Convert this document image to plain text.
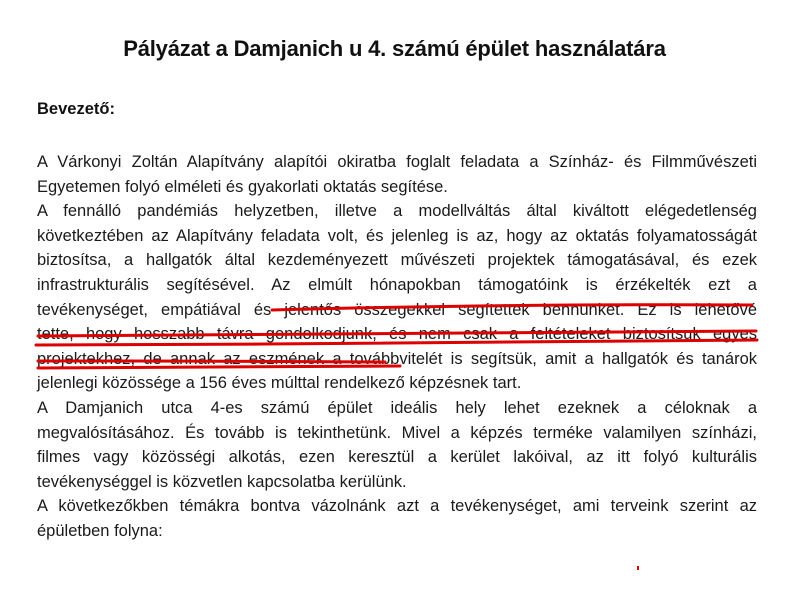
Pályázat a Damjanich u 4. számú épület használatára
Bevezető:
A Várkonyi Zoltán Alapítvány alapítói okiratba foglalt feladata a Színház- és Filmművészeti
Egyetemen folyó elméleti és gyakorlati oktatás segítése.
A fennálló pandémiás helyzetben, illetve a modellváltás által kiváltott elégedetlenség
következtében az Alapítvány feladata volt, és jelenleg is az, hogy az oktatás folyamatosságát
biztosítsa, a hallgatók által kezdeményezett művészeti projektek támogatásával, és ezek
infrastrukturális segítésével. Az elmúlt hónapokban támogatóink is érzékelték ezt a
tevékenységet, empátiával és jelentős összegekkel segítettek bennünket. Ez is lehetővé
tette, hogy hosszabb távra gondolkodjunk, és nem csak a feltételeket biztosítsuk egyes
projektekhez, de annak az eszmének a továbbvitelét is segítsük, amit a hallgatók és tanárok
jelenlegi közössége a 156 éves múlttal rendelkező képzésnek tart.
A Damjanich utca 4-es számú épület ideális hely lehet ezeknek a céloknak a
megvalósításához. És tovább is tekinthetünk. Mivel a képzés terméke valamilyen színházi,
filmes vagy közösségi alkotás, ezen keresztül a kerület lakóival, az itt folyó kulturális
tevékenységgel is közvetlen kapcsolatba kerülünk.
A következőkben témákra bontva vázolnánk azt a tevékenységet, ami terveink szerint az
épületben folyna:
